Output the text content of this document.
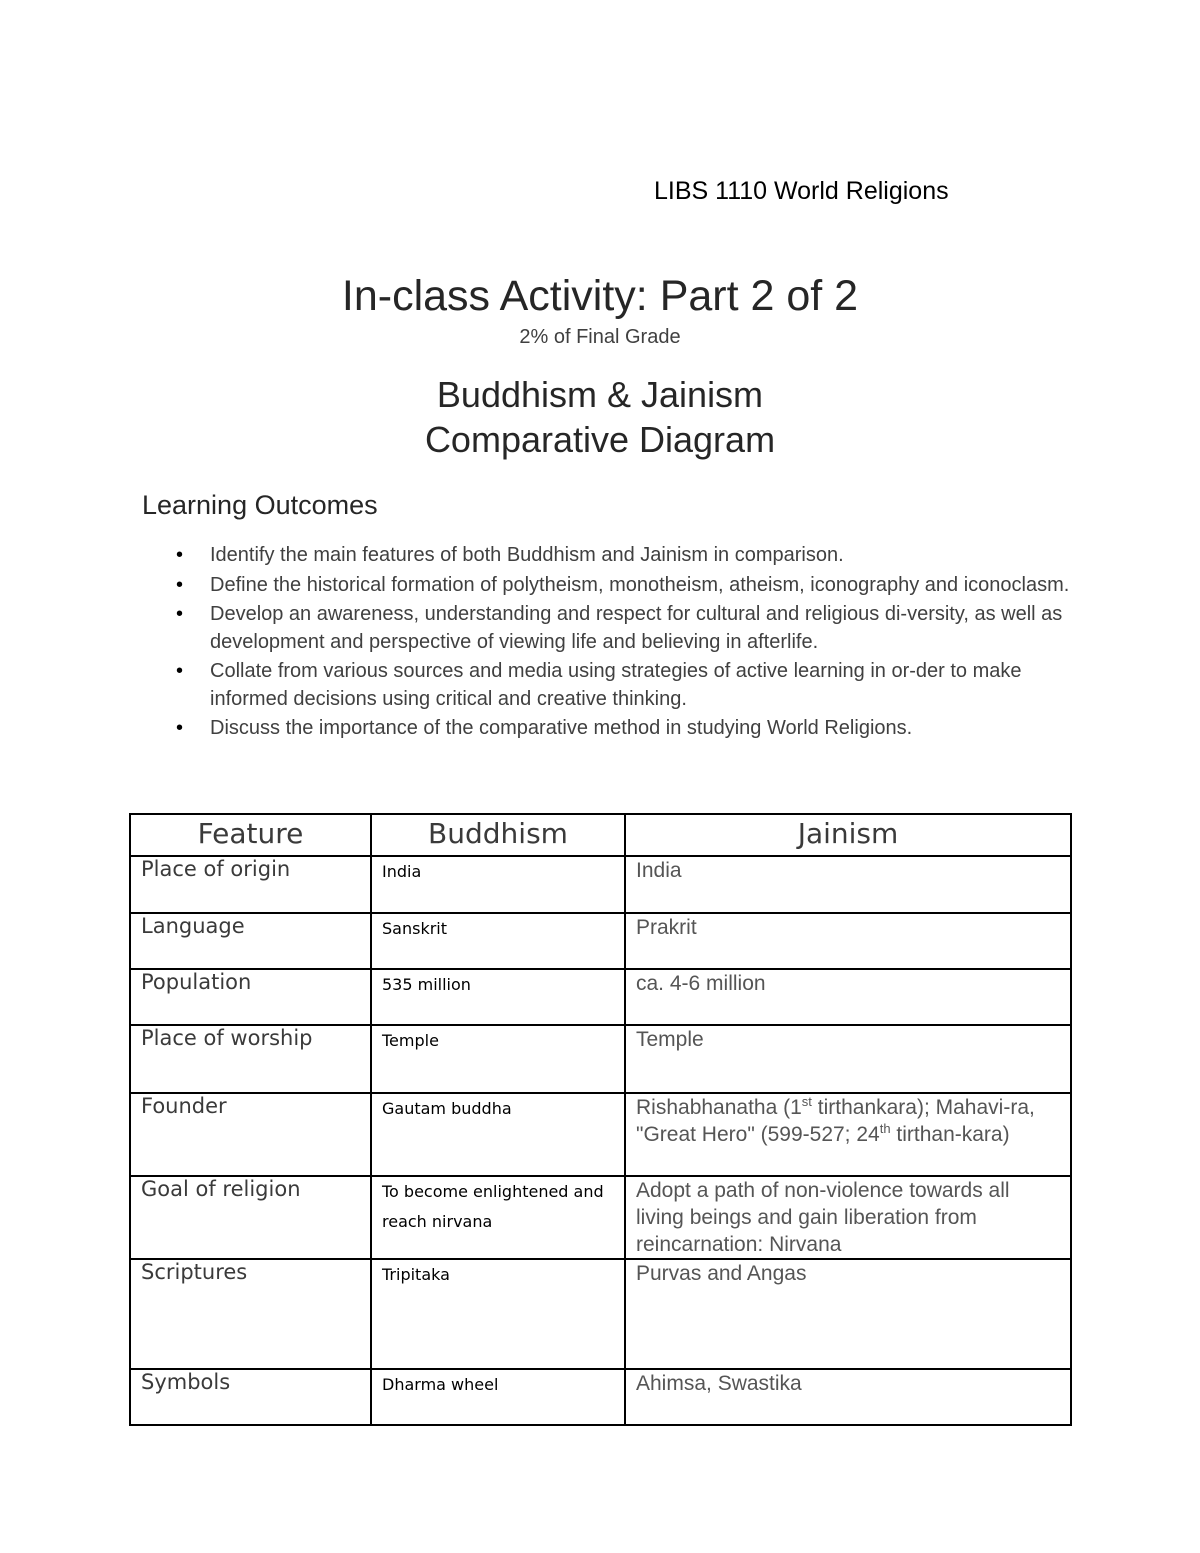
LIBS 1110 World Religions
In-class Activity: Part 2 of 2
2% of Final Grade
Buddhism & Jainism
Comparative Diagram
Learning Outcomes
• Identify the main features of both Buddhism and Jainism in comparison.
• Define the historical formation of polytheism, monotheism, atheism, iconography and iconoclasm.
• Develop an awareness, understanding and respect for cultural and religious di-versity, as well as development and perspective of viewing life and believing in afterlife.
• Collate from various sources and media using strategies of active learning in or-der to make informed decisions using critical and creative thinking.
• Discuss the importance of the comparative method in studying World Religions.
Feature	Buddhism	Jainism
Place of origin	India	India
Language	Sanskrit	Prakrit
Population	535 million	ca. 4-6 million
Place of worship	Temple	Temple
Founder	Gautam buddha	Rishabhanatha (1st tirthankara); Mahavi-ra, "Great Hero" (599-527; 24th tirthan-kara)
Goal of religion	To become enlightened and reach nirvana	Adopt a path of non-violence towards all living beings and gain liberation from reincarnation: Nirvana
Scriptures	Tripitaka	Purvas and Angas
Symbols	Dharma wheel	Ahimsa, Swastika
